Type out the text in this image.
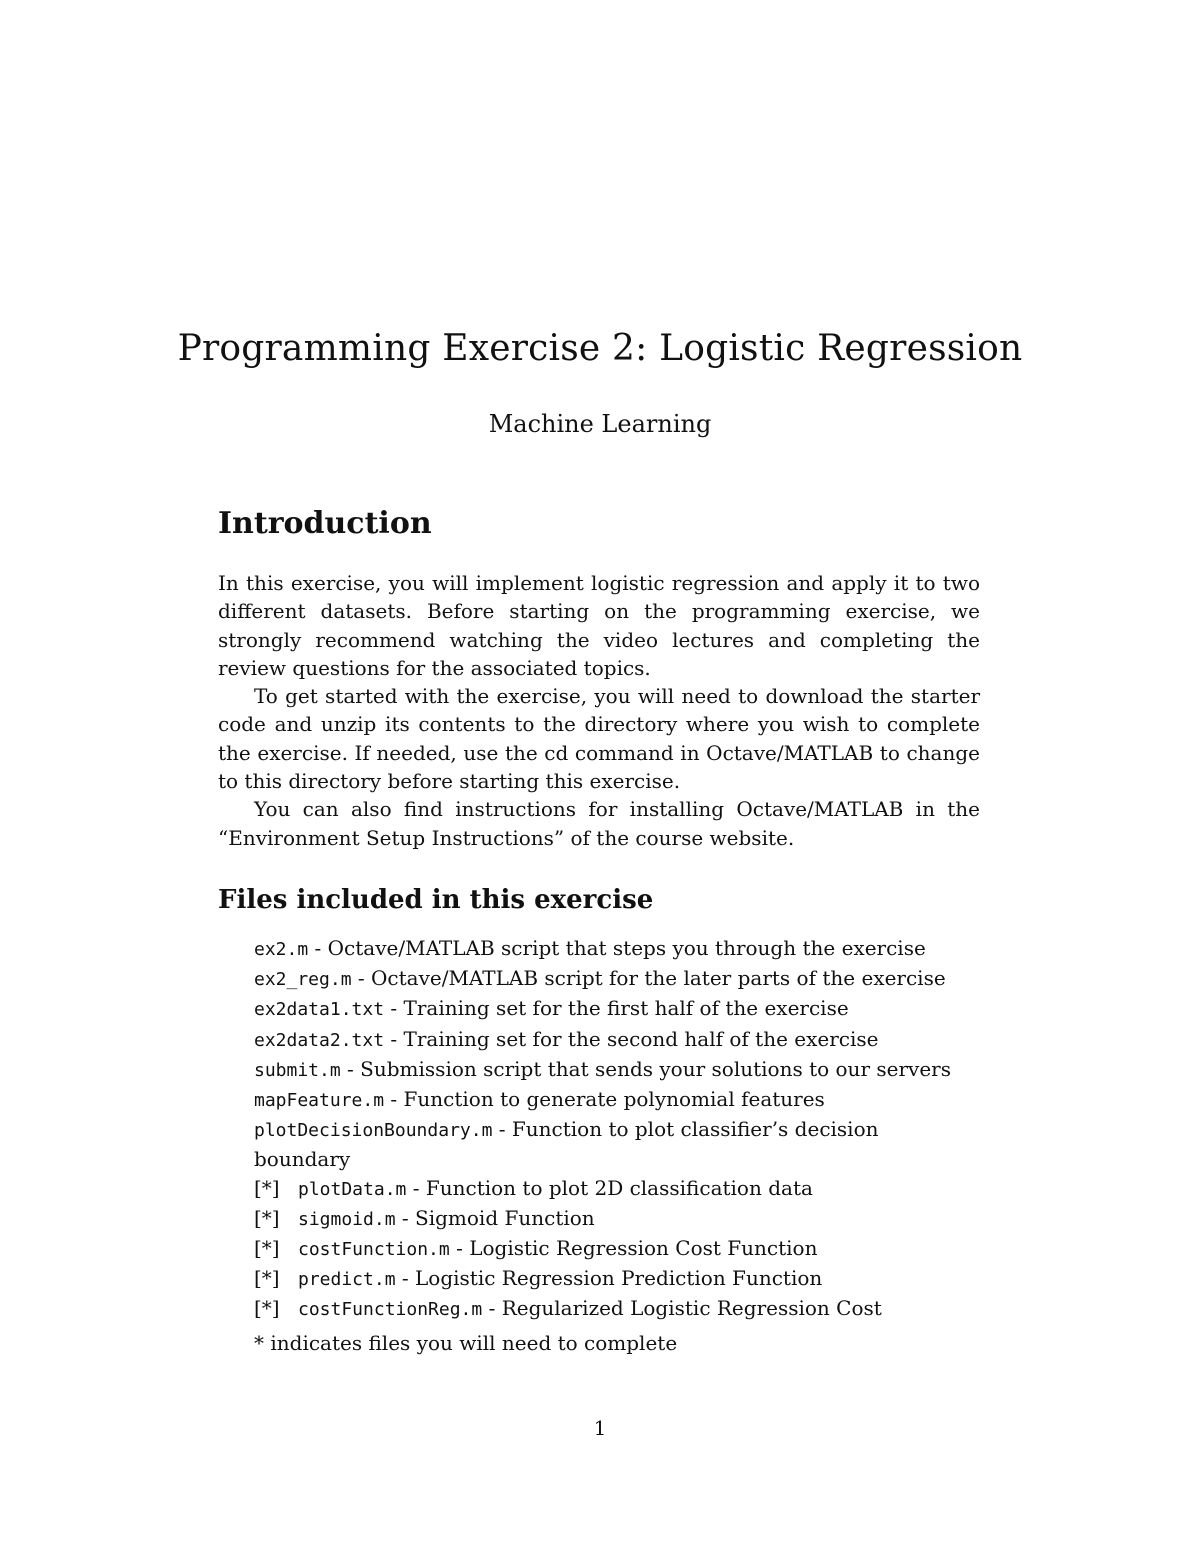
Programming Exercise 2: Logistic Regression
Machine Learning
Introduction

In this exercise, you will implement logistic regression and apply it to two different datasets. Before starting on the programming exercise, we strongly recommend watching the video lectures and completing the review questions for the associated topics.

To get started with the exercise, you will need to download the starter code and unzip its contents to the directory where you wish to complete the exercise. If needed, use the cd command in Octave/MATLAB to change to this directory before starting this exercise.

You can also find instructions for installing Octave/MATLAB in the “Environment Setup Instructions” of the course website.

Files included in this exercise
ex2.m - Octave/MATLAB script that steps you through the exercise
ex2_reg.m - Octave/MATLAB script for the later parts of the exercise
ex2data1.txt - Training set for the first half of the exercise
ex2data2.txt - Training set for the second half of the exercise
submit.m - Submission script that sends your solutions to our servers
mapFeature.m - Function to generate polynomial features
plotDecisionBoundary.m - Function to plot classifier’s decision boundary
[*] plotData.m - Function to plot 2D classification data
[*] sigmoid.m - Sigmoid Function
[*] costFunction.m - Logistic Regression Cost Function
[*] predict.m - Logistic Regression Prediction Function
[*] costFunctionReg.m - Regularized Logistic Regression Cost
* indicates files you will need to complete
1
